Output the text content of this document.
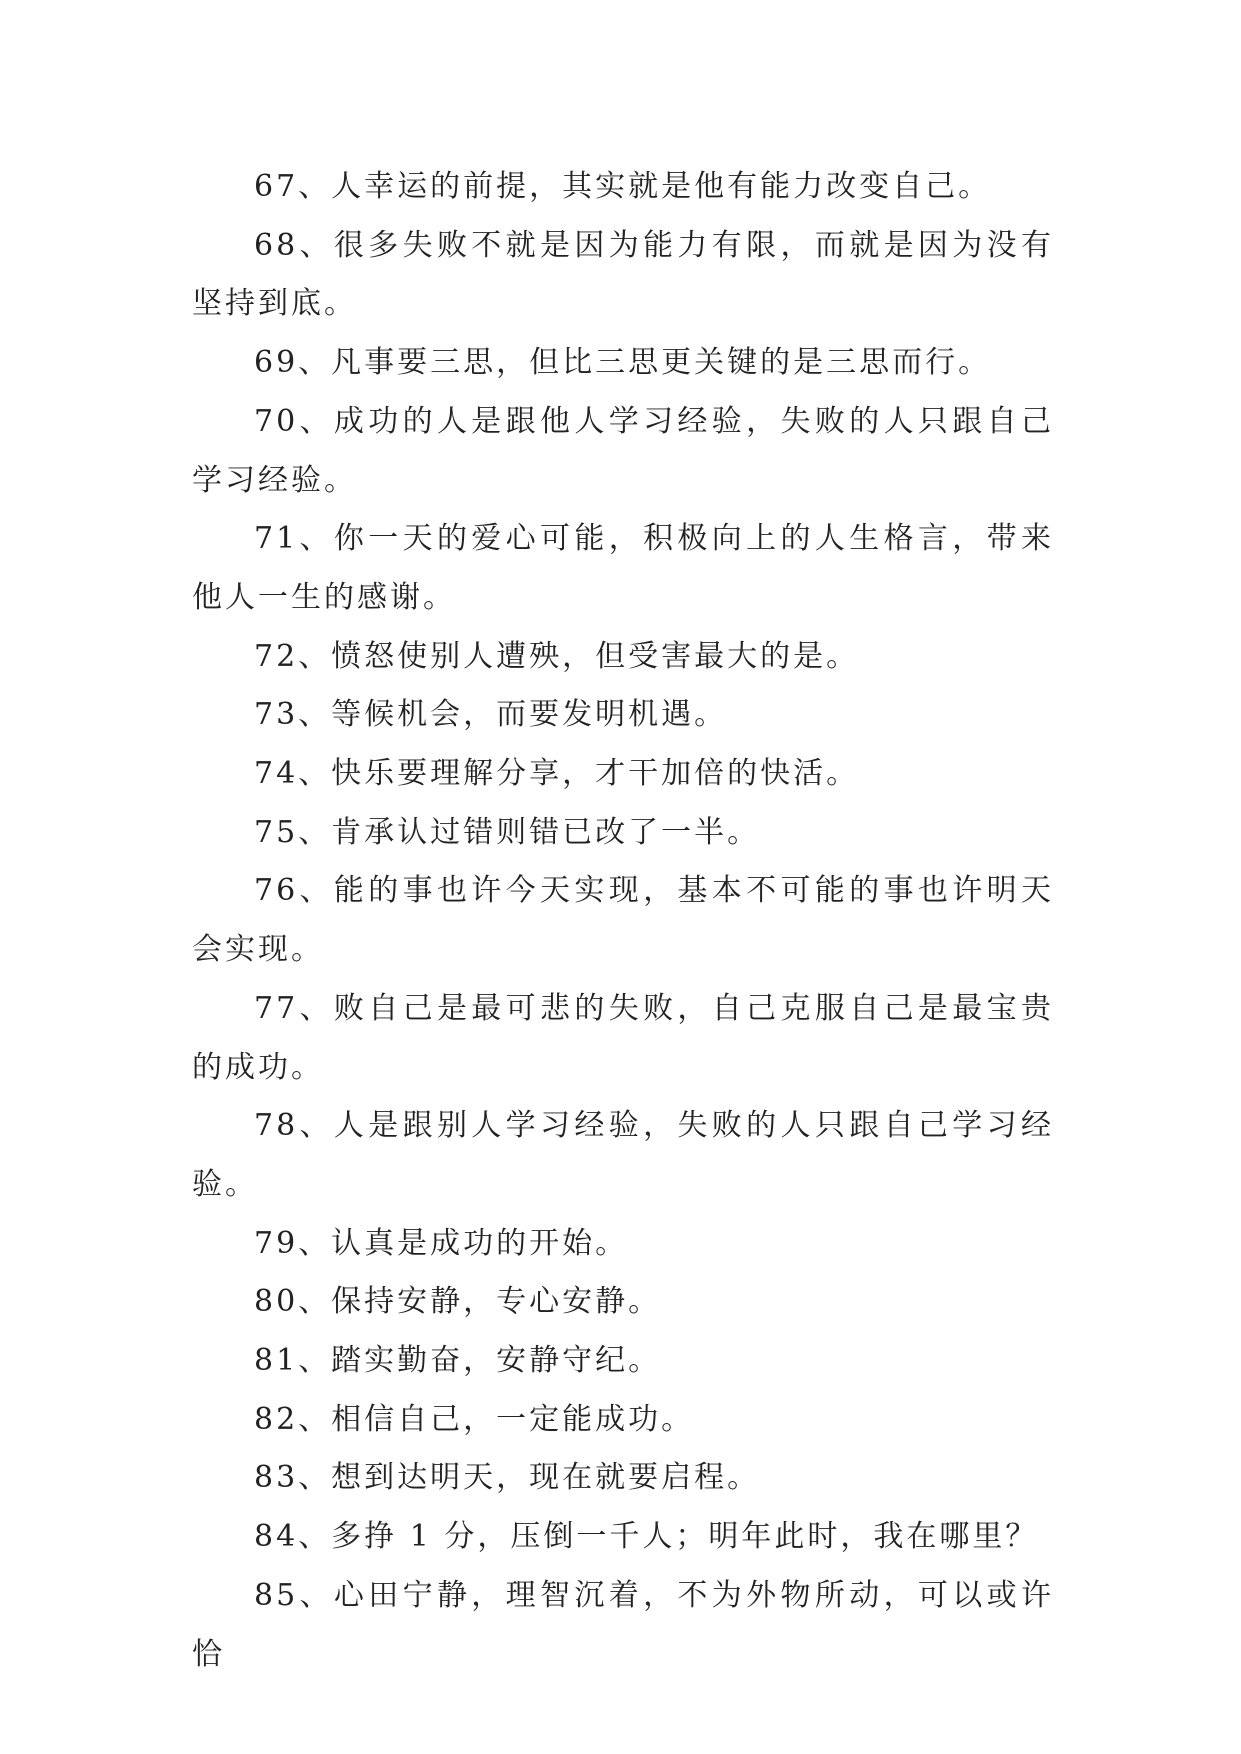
67、人幸运的前提，其实就是他有能力改变自己。

68、很多失败不就是因为能力有限，而就是因为没有坚持到底。

69、凡事要三思，但比三思更关键的是三思而行。

70、成功的人是跟他人学习经验，失败的人只跟自己学习经验。

71、你一天的爱心可能，积极向上的人生格言，带来他人一生的感谢。

72、愤怒使别人遭殃，但受害最大的是。

73、等候机会，而要发明机遇。

74、快乐要理解分享，才干加倍的快活。

75、肯承认过错则错已改了一半。

76、能的事也许今天实现，基本不可能的事也许明天会实现。

77、败自己是最可悲的失败，自己克服自己是最宝贵的成功。

78、人是跟别人学习经验，失败的人只跟自己学习经验。

79、认真是成功的开始。

80、保持安静，专心安静。

81、踏实勤奋，安静守纪。

82、相信自己，一定能成功。

83、想到达明天，现在就要启程。

84、多挣 1 分，压倒一千人；明年此时，我在哪里？

85、心田宁静，理智沉着，不为外物所动，可以或许恰
